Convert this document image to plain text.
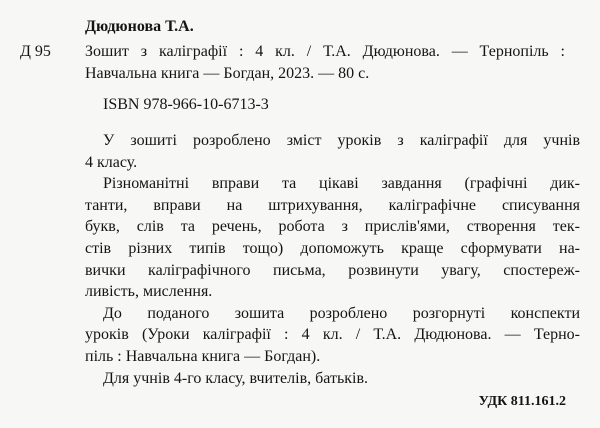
Дюдюнова Т.А.
Д 95 Зошит з каліграфії : 4 кл. / Т.А. Дюдюнова. — Тернопіль :
Навчальна книга — Богдан, 2023. — 80 с.
ISBN 978-966-10-6713-3
У зошиті розроблено зміст уроків з каліграфії для учнів
4 класу.
Різноманітні вправи та цікаві завдання (графічні дик-
танти, вправи на штрихування, каліграфічне списування
букв, слів та речень, робота з прислів'ями, створення тек-
стів різних типів тощо) допоможуть краще сформувати на-
вички каліграфічного письма, розвинути увагу, спостереж-
ливість, мислення.
До поданого зошита розроблено розгорнуті конспекти
уроків (Уроки каліграфії : 4 кл. / Т.А. Дюдюнова. — Терно-
піль : Навчальна книга — Богдан).
Для учнів 4-го класу, вчителів, батьків.
УДК 811.161.2
